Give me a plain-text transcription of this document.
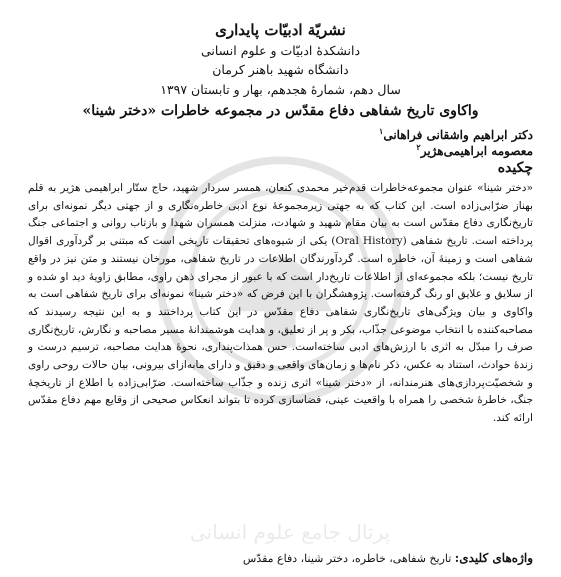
پرتال جامع علوم انسانی
نشریّة ادبیّات پایداری
دانشکدۀ ادبیّات و علوم انسانی
دانشگاه شهید باهنر کرمان
سال دهم، شمارۀ هجدهم، بهار و تابستان ۱۳۹۷
واکاوی تاریخ شفاهی دفاع مقدّس در مجموعه خاطرات «دختر شینا»
دکتر ابراهیم واشقانی فراهانی$^۱$
معصومه ابراهیمی‌هژیر$^۲$
چکیده
«دختر شینا» عنوان مجموعه‌خاطرات قدم‌خیر محمدی کنعان، همسر سردار شهید، حاج ستّار ابراهیمی هژیر به قلم بهناز ضرّابی‌زاده است. این کتاب که به جهتی زیرمجموعۀ نوع ادبی خاطره‌نگاری و از جهتی دیگر نمونه‌ای برای تاریخ‌نگاری دفاع مقدّس است به بیان مقام شهید و شهادت، منزلت همسران شهدا و بازتاب روانی و اجتماعی جنگ پرداخته است. تاریخ شفاهی (Oral History) یکی از شیوه‌های تحقیقات تاریخی است که مبتنی بر گردآوری اقوال شفاهی است و زمینۀ آن، خاطره است. گردآورندگان اطلاعات در تاریخ شفاهی، مورخان نیستند و متن نیز در واقع تاریخ نیست؛ بلکه مجموعه‌ای از اطلاعات تاریخ‌دار است که با عبور از مجرای ذهن راوی، مطابق زاویۀ دید او شده و از سلایق و علایق او رنگ گرفته‌است. پژوهشگران با این فرض که «دختر شینا» نمونه‌ای برای تاریخ شفاهی است به واکاوی و بیان ویژگی‌های تاریخ‌نگاری شفاهی دفاع مقدّس در این کتاب پرداختند و به این نتیجه رسیدند که مصاحبه‌کننده با انتخاب موضوعی جذّاب، بکر و پر از تعلیق، و هدایت هوشمندانۀ مسیر مصاحبه و نگارش، تاریخ‌نگاری صرف را مبدّل به اثری با ارزش‌های ادبی ساخته‌است. حس همذات‌پنداری، نحوۀ هدایت مصاحبه، ترسیم درست و زندۀ حوادث، استناد به عکس، ذکر نام‌ها و زمان‌های واقعی و دقیق و دارای مابه‌ازای بیرونی، بیان حالات روحی راوی و شخصیّت‌پردازی‌های هنرمندانه، از «دختر شینا» اثری زنده و جذّاب ساخته‌است. ضرّابی‌زاده با اطلاع از تاریخچۀ جنگ، خاطرۀ شخصی را همراه با واقعیت عینی، فضاسازی کرده تا بتواند انعکاس صحیحی از وقایع مهم دفاع مقدّس ارائه کند.
واژه‌های کلیدی: تاریخ شفاهی، خاطره، دختر شینا، دفاع مقدّس
